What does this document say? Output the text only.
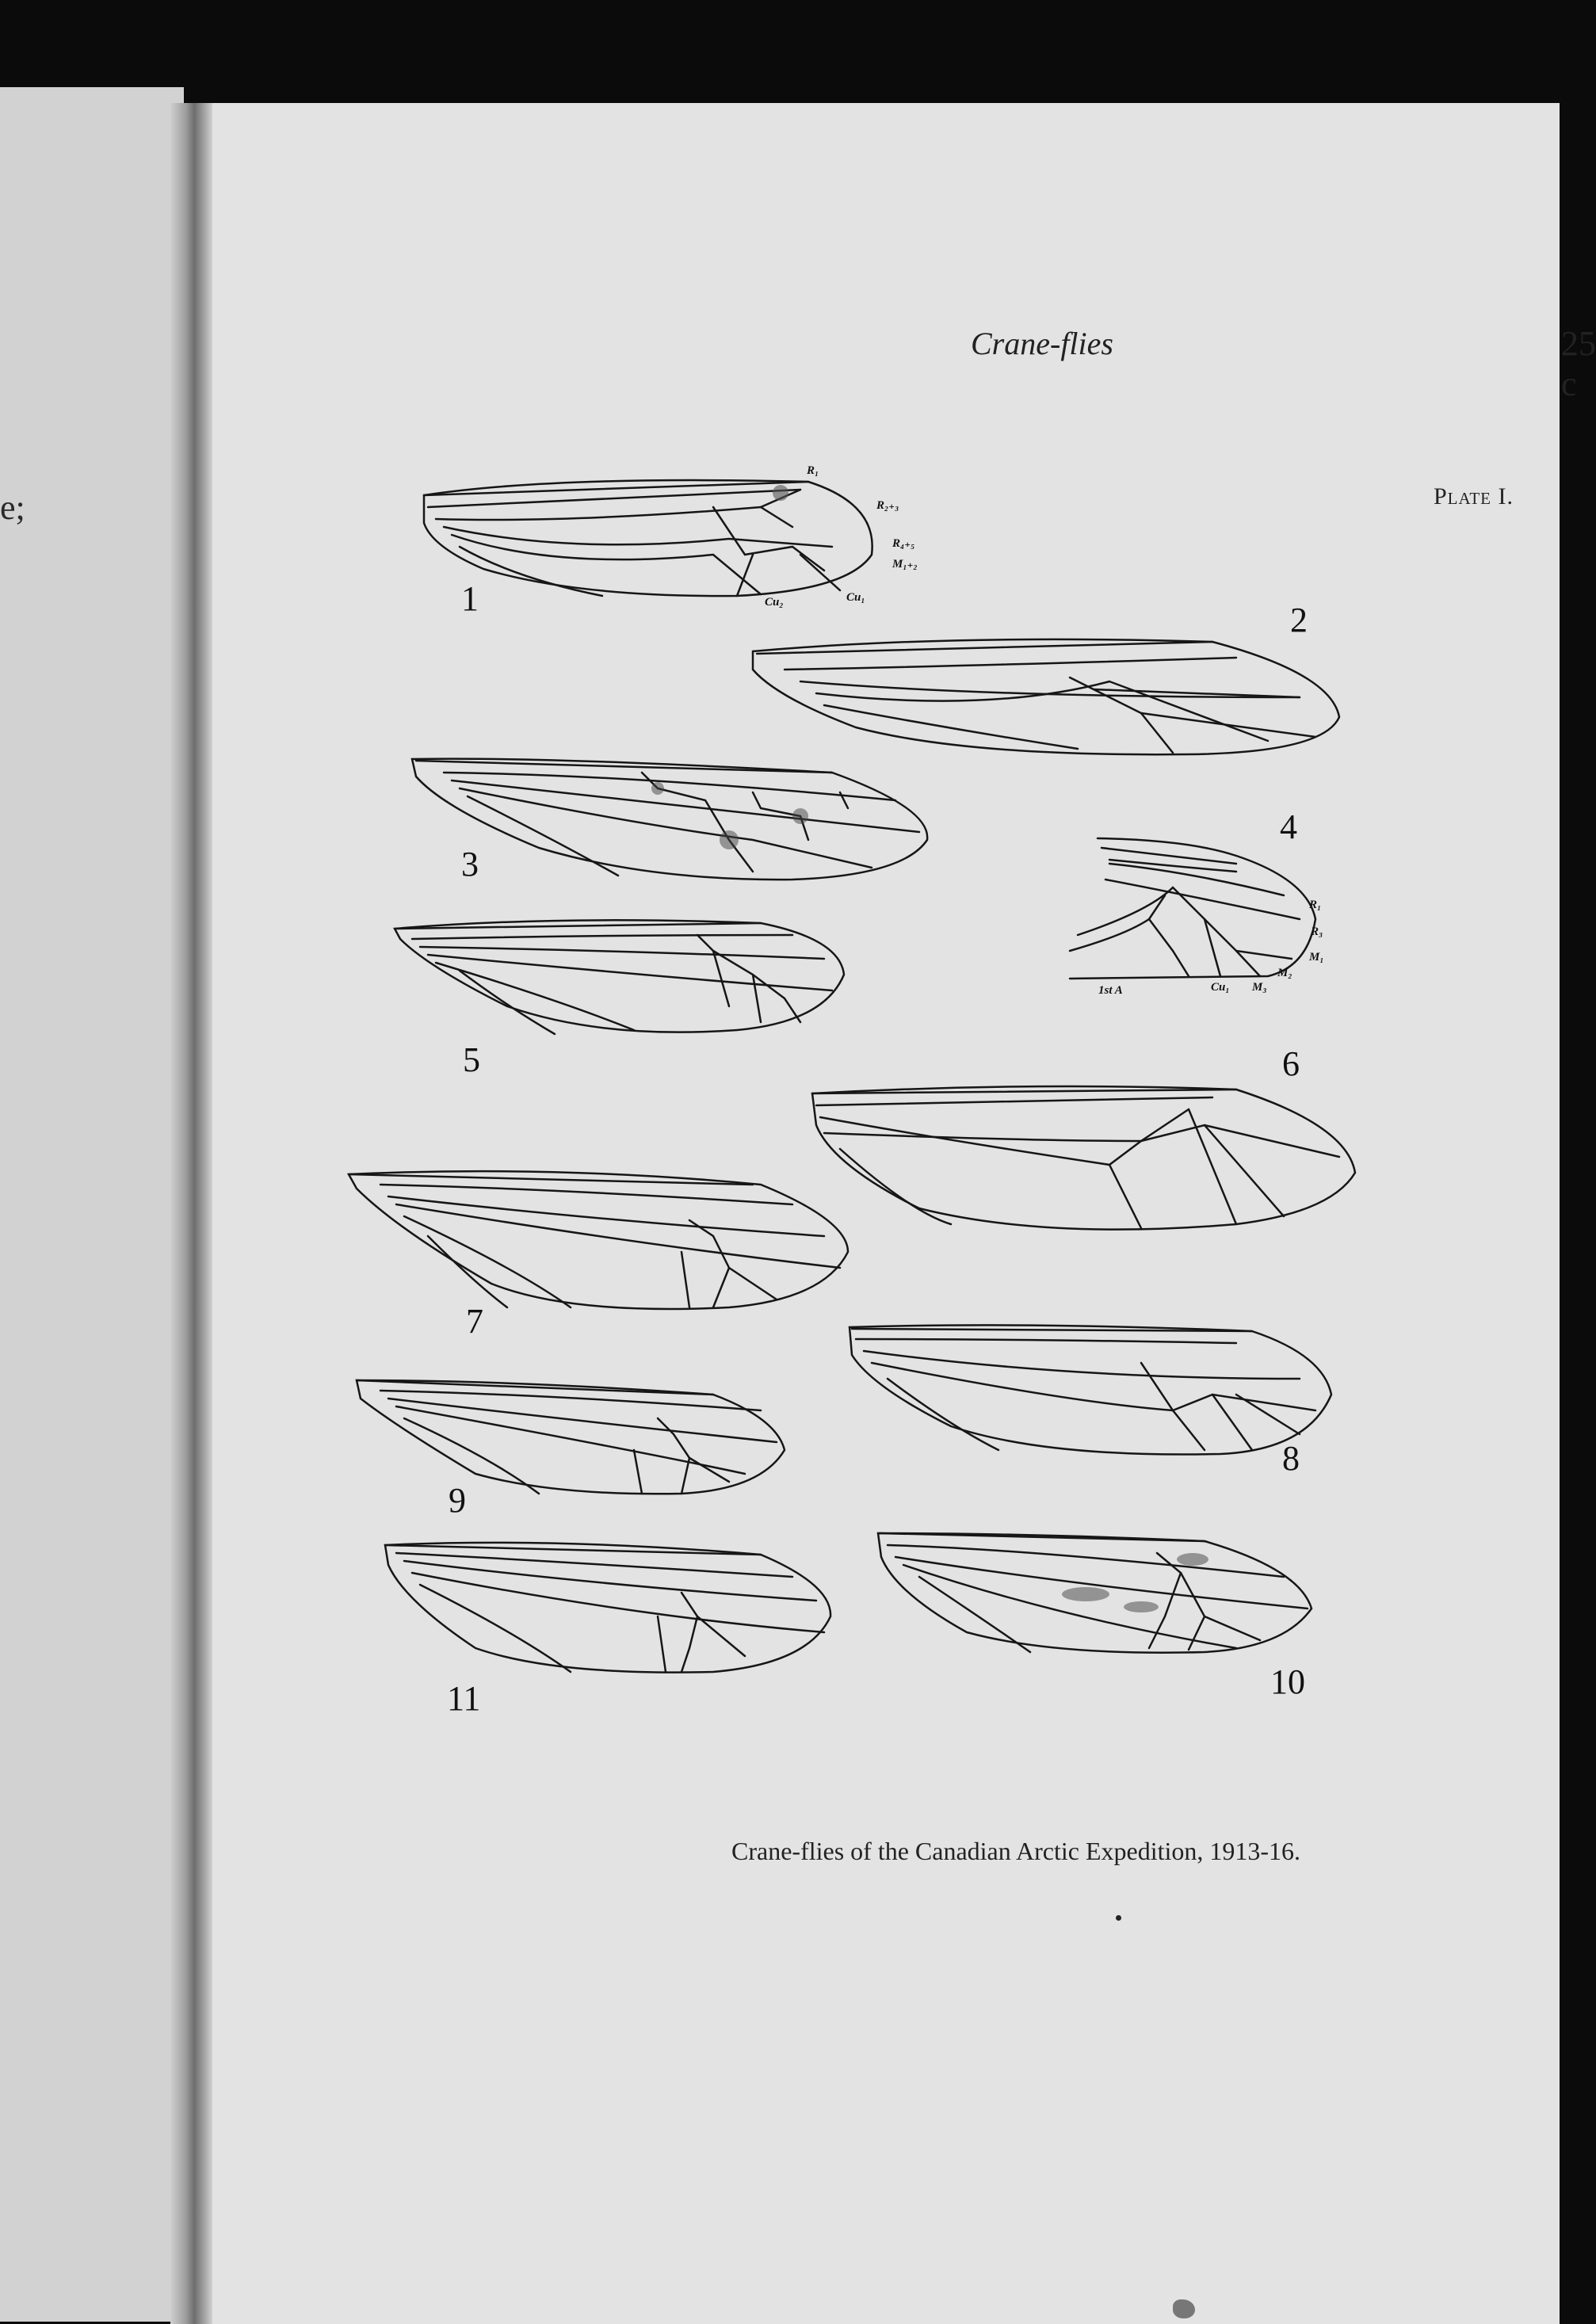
e;
Crane-flies	25 c
Plate I.
Crane-flies of the Canadian Arctic Expedition, 1913-16.
1
2
3
4
5	6
7
8
9
10
11
R₁
R₂₊₃
R₄₊₅
M₁₊₂
Cu₂	Cu₁
R₁
R₃
M₁
M₂
M₃
Cu₁
1st A
